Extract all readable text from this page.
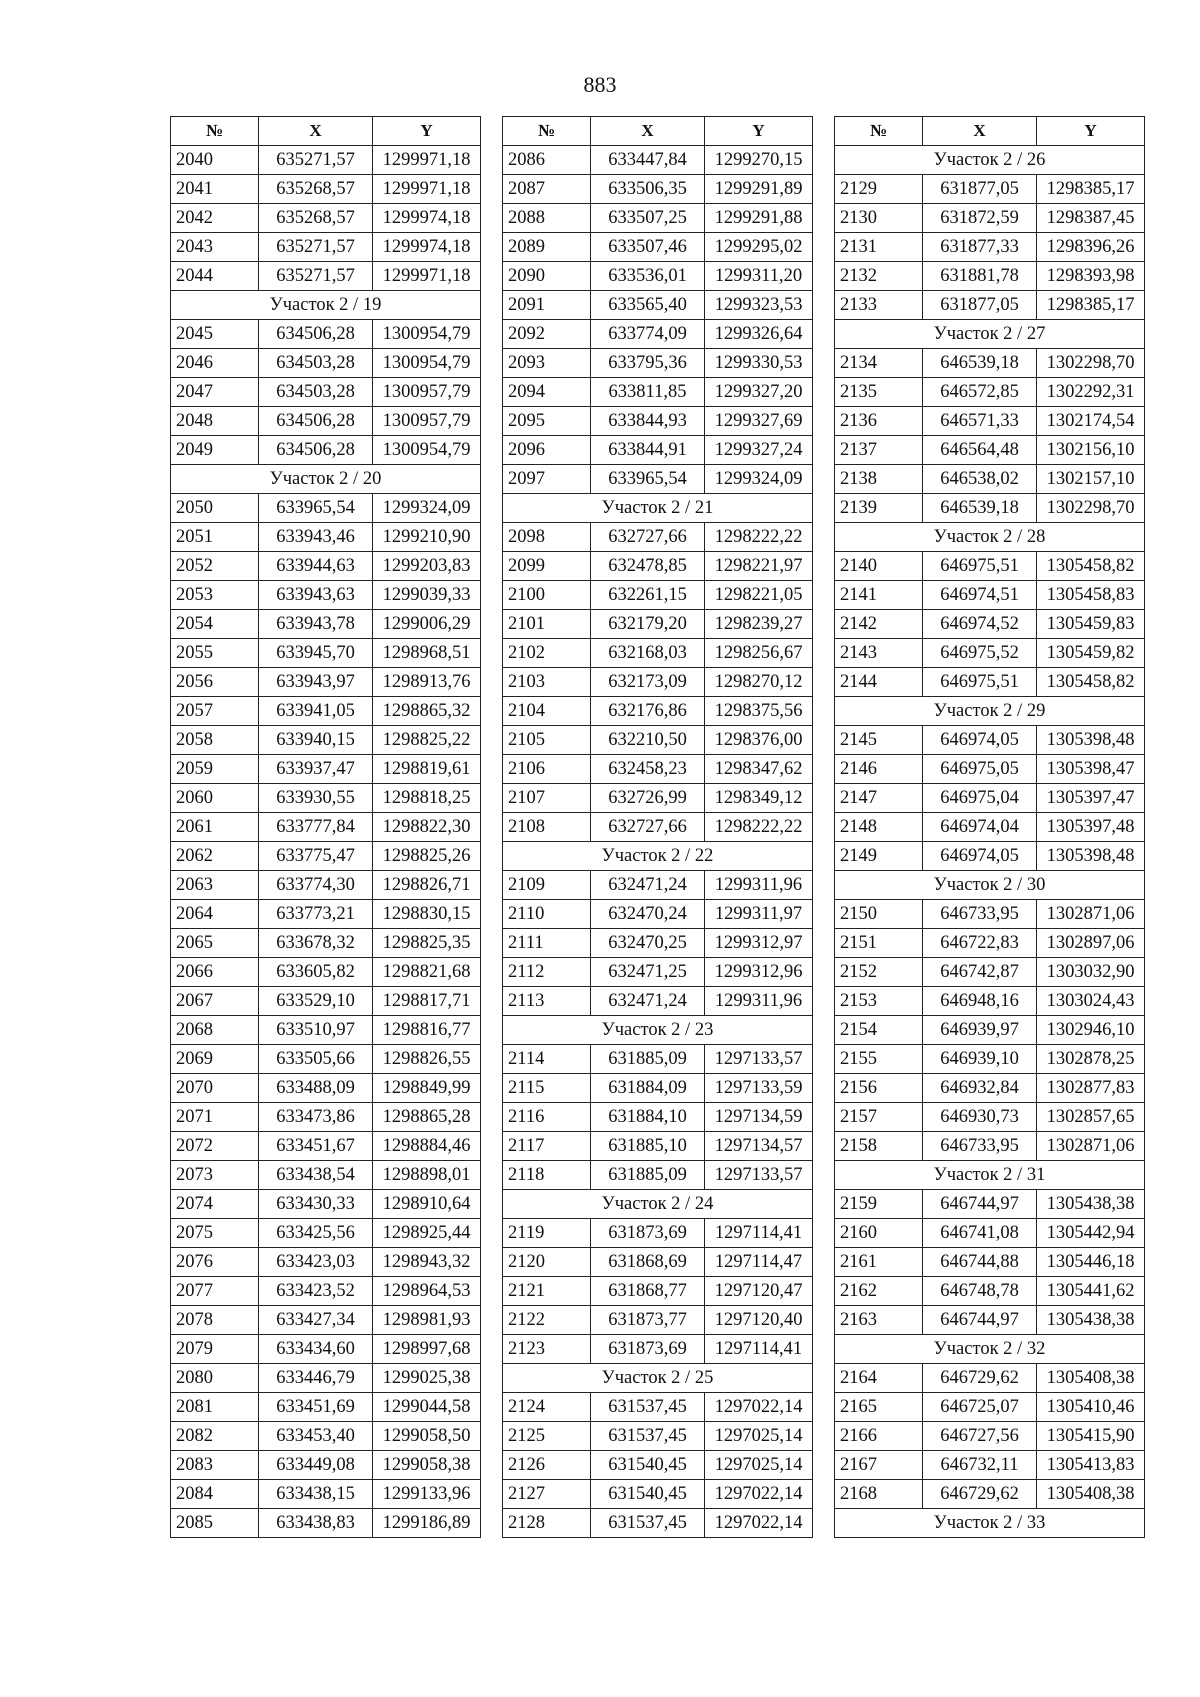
883
№	X	Y
2040	635271,57	1299971,18
2041	635268,57	1299971,18
2042	635268,57	1299974,18
2043	635271,57	1299974,18
2044	635271,57	1299971,18
Участок 2 / 19		
2045	634506,28	1300954,79
2046	634503,28	1300954,79
2047	634503,28	1300957,79
2048	634506,28	1300957,79
2049	634506,28	1300954,79
Участок 2 / 20		
2050	633965,54	1299324,09
2051	633943,46	1299210,90
2052	633944,63	1299203,83
2053	633943,63	1299039,33
2054	633943,78	1299006,29
2055	633945,70	1298968,51
2056	633943,97	1298913,76
2057	633941,05	1298865,32
2058	633940,15	1298825,22
2059	633937,47	1298819,61
2060	633930,55	1298818,25
2061	633777,84	1298822,30
2062	633775,47	1298825,26
2063	633774,30	1298826,71
2064	633773,21	1298830,15
2065	633678,32	1298825,35
2066	633605,82	1298821,68
2067	633529,10	1298817,71
2068	633510,97	1298816,77
2069	633505,66	1298826,55
2070	633488,09	1298849,99
2071	633473,86	1298865,28
2072	633451,67	1298884,46
2073	633438,54	1298898,01
2074	633430,33	1298910,64
2075	633425,56	1298925,44
2076	633423,03	1298943,32
2077	633423,52	1298964,53
2078	633427,34	1298981,93
2079	633434,60	1298997,68
2080	633446,79	1299025,38
2081	633451,69	1299044,58
2082	633453,40	1299058,50
2083	633449,08	1299058,38
2084	633438,15	1299133,96
2085	633438,83	1299186,89
№	X	Y
2086	633447,84	1299270,15
2087	633506,35	1299291,89
2088	633507,25	1299291,88
2089	633507,46	1299295,02
2090	633536,01	1299311,20
2091	633565,40	1299323,53
2092	633774,09	1299326,64
2093	633795,36	1299330,53
2094	633811,85	1299327,20
2095	633844,93	1299327,69
2096	633844,91	1299327,24
2097	633965,54	1299324,09
Участок 2 / 21		
2098	632727,66	1298222,22
2099	632478,85	1298221,97
2100	632261,15	1298221,05
2101	632179,20	1298239,27
2102	632168,03	1298256,67
2103	632173,09	1298270,12
2104	632176,86	1298375,56
2105	632210,50	1298376,00
2106	632458,23	1298347,62
2107	632726,99	1298349,12
2108	632727,66	1298222,22
Участок 2 / 22		
2109	632471,24	1299311,96
2110	632470,24	1299311,97
2111	632470,25	1299312,97
2112	632471,25	1299312,96
2113	632471,24	1299311,96
Участок 2 / 23		
2114	631885,09	1297133,57
2115	631884,09	1297133,59
2116	631884,10	1297134,59
2117	631885,10	1297134,57
2118	631885,09	1297133,57
Участок 2 / 24		
2119	631873,69	1297114,41
2120	631868,69	1297114,47
2121	631868,77	1297120,47
2122	631873,77	1297120,40
2123	631873,69	1297114,41
Участок 2 / 25		
2124	631537,45	1297022,14
2125	631537,45	1297025,14
2126	631540,45	1297025,14
2127	631540,45	1297022,14
2128	631537,45	1297022,14
№	X	Y
Участок 2 / 26		
2129	631877,05	1298385,17
2130	631872,59	1298387,45
2131	631877,33	1298396,26
2132	631881,78	1298393,98
2133	631877,05	1298385,17
Участок 2 / 27		
2134	646539,18	1302298,70
2135	646572,85	1302292,31
2136	646571,33	1302174,54
2137	646564,48	1302156,10
2138	646538,02	1302157,10
2139	646539,18	1302298,70
Участок 2 / 28		
2140	646975,51	1305458,82
2141	646974,51	1305458,83
2142	646974,52	1305459,83
2143	646975,52	1305459,82
2144	646975,51	1305458,82
Участок 2 / 29		
2145	646974,05	1305398,48
2146	646975,05	1305398,47
2147	646975,04	1305397,47
2148	646974,04	1305397,48
2149	646974,05	1305398,48
Участок 2 / 30		
2150	646733,95	1302871,06
2151	646722,83	1302897,06
2152	646742,87	1303032,90
2153	646948,16	1303024,43
2154	646939,97	1302946,10
2155	646939,10	1302878,25
2156	646932,84	1302877,83
2157	646930,73	1302857,65
2158	646733,95	1302871,06
Участок 2 / 31		
2159	646744,97	1305438,38
2160	646741,08	1305442,94
2161	646744,88	1305446,18
2162	646748,78	1305441,62
2163	646744,97	1305438,38
Участок 2 / 32		
2164	646729,62	1305408,38
2165	646725,07	1305410,46
2166	646727,56	1305415,90
2167	646732,11	1305413,83
2168	646729,62	1305408,38
Участок 2 / 33		
